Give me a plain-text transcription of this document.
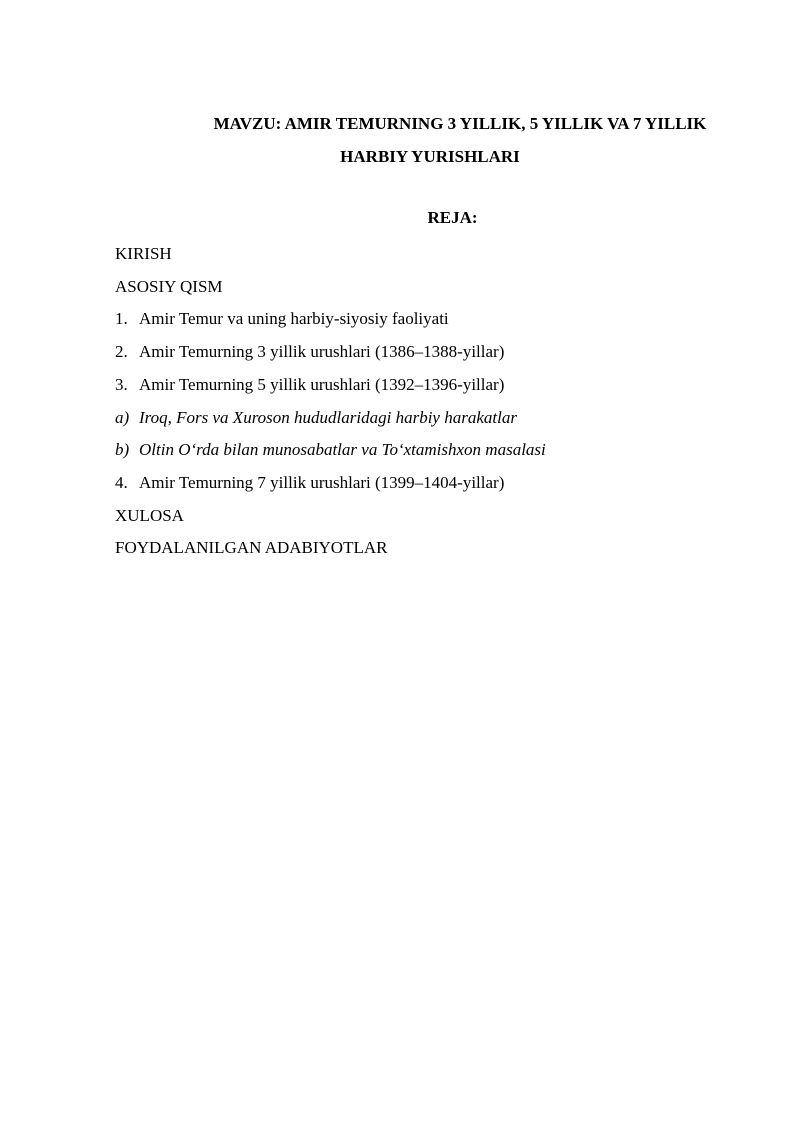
MAVZU: AMIR TEMURNING 3 YILLIK, 5 YILLIK VA 7 YILLIK
HARBIY YURISHLARI
REJA:
KIRISH
ASOSIY QISM
1. Amir Temur va uning harbiy-siyosiy faoliyati
2. Amir Temurning 3 yillik urushlari (1386–1388-yillar)
3. Amir Temurning 5 yillik urushlari (1392–1396-yillar)
a) Iroq, Fors va Xuroson hududlaridagi harbiy harakatlar
b) Oltin O‘rda bilan munosabatlar va To‘xtamishxon masalasi
4. Amir Temurning 7 yillik urushlari (1399–1404-yillar)
XULOSA
FOYDALANILGAN ADABIYOTLAR
